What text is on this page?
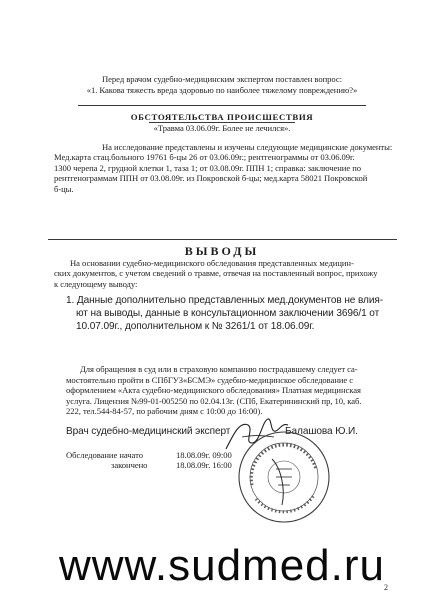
Перед врачом судебно-медицинским экспертом поставлен вопрос:
«1. Какова тяжесть вреда здоровью по наиболее тяжелому повреждению?»
ОБСТОЯТЕЛЬСТВА ПРОИСШЕСТВИЯ
«Травма 03.06.09г. Более не лечился».
На исследование представлены и изучены следующие медицинские документы:
Мед.карта стац.больного 19761 б-цы 26 от 03.06.09г.; рентгенограммы от 03.06.09г.
1300 черепа 2, грудной клетки 1, таза 1; от 03.08.09г. ППН 1; справка: заключение по
рентгенограммам ППН от 03.08.09г. из Покровской б-цы; мед.карта 58021 Покровской
б-цы.
ВЫВОДЫ
На основании судебно-медицинского обследования представленных медицин-
ских документов, с учетом сведений о травме, отвечая на поставленный вопрос, прихожу
к следующему выводу:
1. Данные дополнительно представленных мед.документов не влия-
ют на выводы, данные в консультационном заключении 3696/1 от
10.07.09г., дополнительном к № 3261/1 от 18.06.09г.
Для обращения в суд или в страховую компанию пострадавшему следует са-
мостоятельно пройти в СПбГУЗ«БСМЭ» судебно-медицинское обследование с
оформлением «Акта судебно-медицинского обследования» Платная медицинская
услуга. Лицензия №99-01-005250 по 02.04.13г. (СПб, Екатерининский пр, 10, каб.
222, тел.544-84-57, по рабочим дням с 10:00 до 16:00).
Врач судебно-медицинский эксперт	Балашова Ю.И.
Обследование начато	18.08.09г. 09:00
закончено	18.08.09г. 16:00
2
www.sudmed.ru
